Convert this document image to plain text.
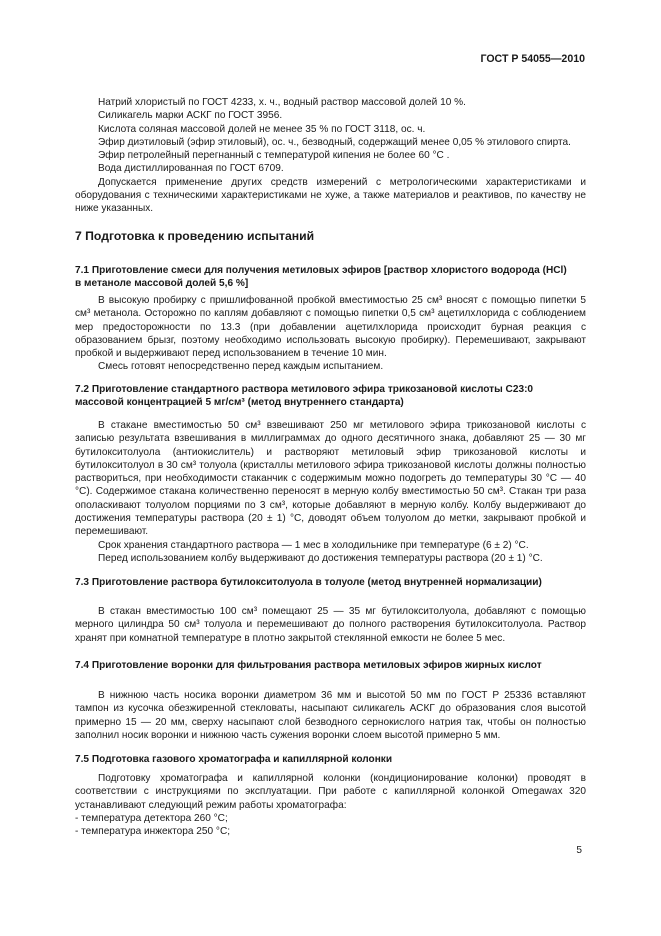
ГОСТ Р 54055—2010
Натрий хлористый по ГОСТ 4233, х. ч., водный раствор массовой долей 10 %.
Силикагель марки АСКГ по ГОСТ 3956.
Кислота соляная массовой долей не менее 35 % по ГОСТ 3118, ос. ч.
Эфир диэтиловый (эфир этиловый), ос. ч., безводный, содержащий менее 0,05 % этилового спирта.
Эфир петролейный перегнанный с температурой кипения не более 60 °С .
Вода дистиллированная по ГОСТ 6709.
Допускается применение других средств измерений с метрологическими характеристиками и оборудования с техническими характеристиками не хуже, а также материалов и реактивов, по качеству не ниже указанных.
7 Подготовка к проведению испытаний
7.1 Приготовление смеси для получения метиловых эфиров [раствор хлористого водорода (HCl) в метаноле массовой долей 5,6 %]
В высокую пробирку с пришлифованной пробкой вместимостью 25 см³ вносят с помощью пипетки 5 см³ метанола. Осторожно по каплям добавляют с помощью пипетки 0,5 см³ ацетилхлорида с соблюдением мер предосторожности по 13.3 (при добавлении ацетилхлорида происходит бурная реакция с образованием брызг, поэтому необходимо использовать высокую пробирку). Перемешивают, закрывают пробкой и выдерживают перед использованием в течение 10 мин.
Смесь готовят непосредственно перед каждым испытанием.
7.2 Приготовление стандартного раствора метилового эфира трикозановой кислоты С23:0 массовой концентрацией 5 мг/см³ (метод внутреннего стандарта)
В стакане вместимостью 50 см³ взвешивают 250 мг метилового эфира трикозановой кислоты с записью результата взвешивания в миллиграммах до одного десятичного знака, добавляют 25 — 30 мг бутилокситолуола (антиокислитель) и растворяют метиловый эфир трикозановой кислоты и бутилокситолуол в 30 см³ толуола (кристаллы метилового эфира трикозановой кислоты должны полностью раствориться, при необходимости стаканчик с содержимым можно подогреть до температуры 30 °С — 40 °С). Содержимое стакана количественно переносят в мерную колбу вместимостью 50 см³. Стакан три раза ополаскивают толуолом порциями по 3 см³, которые добавляют в мерную колбу. Колбу выдерживают до достижения температуры раствора (20 ± 1) °С, доводят объем толуолом до метки, закрывают пробкой и перемешивают.
Срок хранения стандартного раствора — 1 мес в холодильнике при температуре (6 ± 2) °С.
Перед использованием колбу выдерживают до достижения температуры раствора (20 ± 1) °С.
7.3 Приготовление раствора бутилокситолуола в толуоле (метод внутренней нормализации)
В стакан вместимостью 100 см³ помещают 25 — 35 мг бутилокситолуола, добавляют с помощью мерного цилиндра 50 см³ толуола и перемешивают до полного растворения бутилокситолуола. Раствор хранят при комнатной температуре в плотно закрытой стеклянной емкости не более 5 мес.
7.4 Приготовление воронки для фильтрования раствора метиловых эфиров жирных кислот
В нижнюю часть носика воронки диаметром 36 мм и высотой 50 мм по ГОСТ Р 25336 вставляют тампон из кусочка обезжиренной стекловаты, насыпают силикагель АСКГ до образования слоя высотой примерно 15 — 20 мм, сверху насыпают слой безводного сернокислого натрия так, чтобы он полностью заполнил носик воронки и нижнюю часть сужения воронки слоем высотой примерно 5 мм.
7.5 Подготовка газового хроматографа и капиллярной колонки
Подготовку хроматографа и капиллярной колонки (кондиционирование колонки) проводят в соответствии с инструкциями по эксплуатации. При работе с капиллярной колонкой Omegawax 320 устанавливают следующий режим работы хроматографа:
- температура детектора 260 °С;
- температура инжектора 250 °С;
5
